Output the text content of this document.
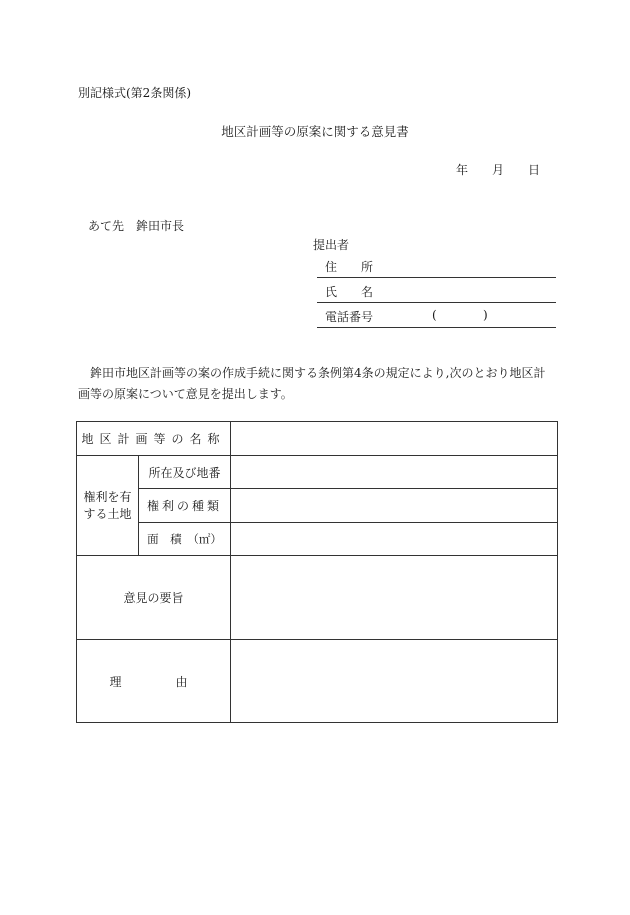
別記様式(第2条関係)
地区計画等の原案に関する意見書
年 月 日
あて先　鉾田市長
提出者
住　　所
氏　　名
電話番号	(	)
鉾田市地区計画等の案の作成手続に関する条例第4条の規定により,次のとおり地区計画等の原案について意見を提出します。
地区計画等の名称		
権利を有する土地	所在及び地番	
	権利の種類	
	面　積　（㎡）	
意見の要旨		
理　　由		
